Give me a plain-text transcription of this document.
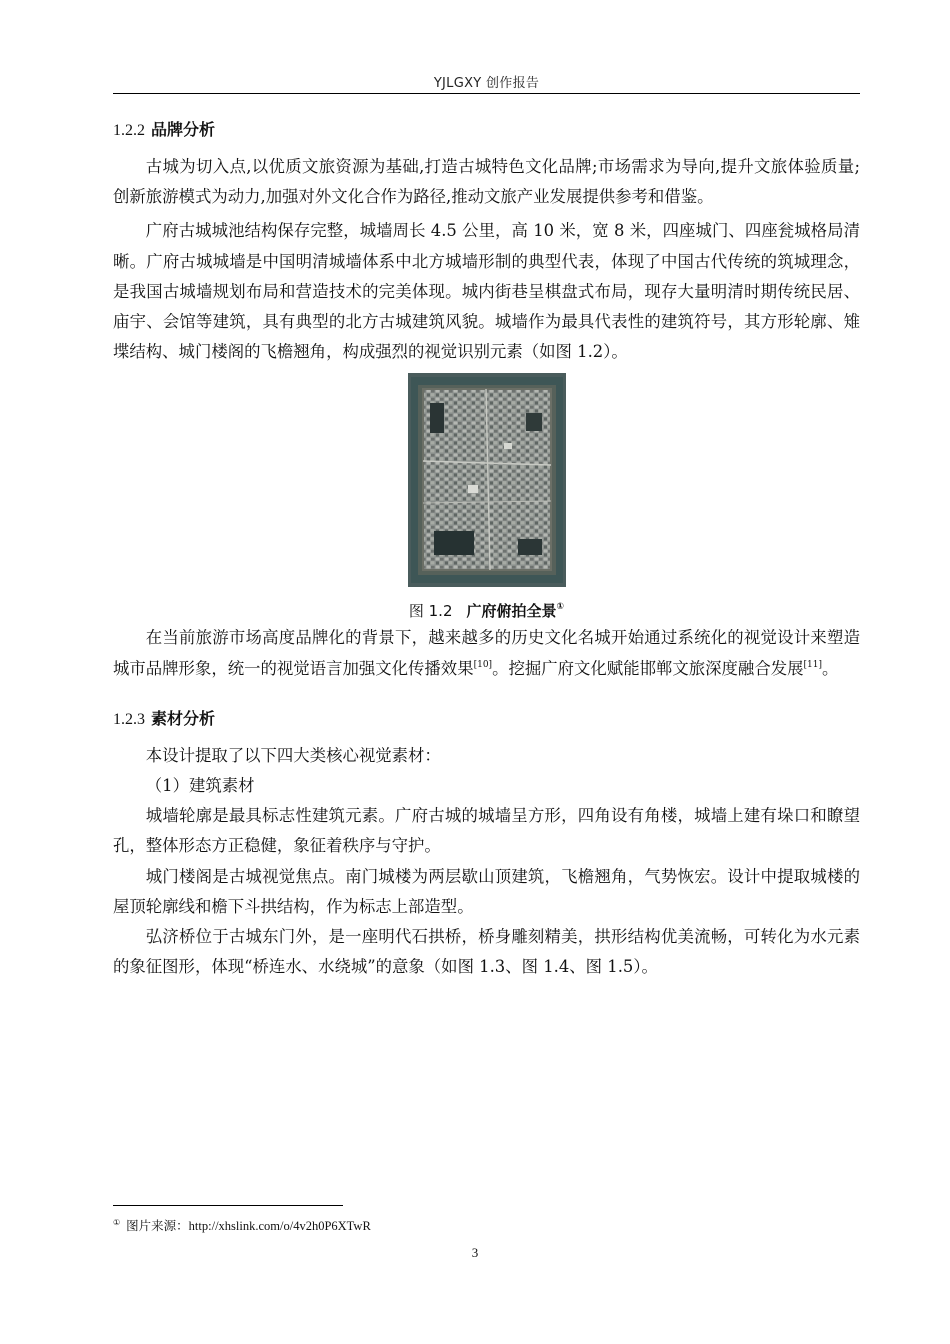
YJLGXY 创作报告
1.2.2 品牌分析

古城为切入点,以优质文旅资源为基础,打造古城特色文化品牌;市场需求为导向,提升文旅体验质量;创新旅游模式为动力,加强对外文化合作为路径,推动文旅产业发展提供参考和借鉴。

广府古城城池结构保存完整，城墙周长 4.5 公里，高 10 米，宽 8 米，四座城门、四座瓮城格局清晰。广府古城城墙是中国明清城墙体系中北方城墙形制的典型代表，体现了中国古代传统的筑城理念，是我国古城墙规划布局和营造技术的完美体现。城内街巷呈棋盘式布局，现存大量明清时期传统民居、庙宇、会馆等建筑，具有典型的北方古城建筑风貌。城墙作为最具代表性的建筑符号，其方形轮廓、雉堞结构、城门楼阁的飞檐翘角，构成强烈的视觉识别元素（如图 1.2）。

图 1.2 广府俯拍全景①

在当前旅游市场高度品牌化的背景下，越来越多的历史文化名城开始通过系统化的视觉设计来塑造城市品牌形象，统一的视觉语言加强文化传播效果[10]。挖掘广府文化赋能邯郸文旅深度融合发展[11]。

1.2.3 素材分析

本设计提取了以下四大类核心视觉素材：

（1）建筑素材

城墙轮廓是最具标志性建筑元素。广府古城的城墙呈方形，四角设有角楼，城墙上建有垛口和瞭望孔，整体形态方正稳健，象征着秩序与守护。

城门楼阁是古城视觉焦点。南门城楼为两层歇山顶建筑，飞檐翘角，气势恢宏。设计中提取城楼的屋顶轮廓线和檐下斗拱结构，作为标志上部造型。

弘济桥位于古城东门外，是一座明代石拱桥，桥身雕刻精美，拱形结构优美流畅，可转化为水元素的象征图形，体现“桥连水、水绕城”的意象（如图 1.3、图 1.4、图 1.5）。

① 图片来源：http://xhslink.com/o/4v2h0P6XTwR
3
